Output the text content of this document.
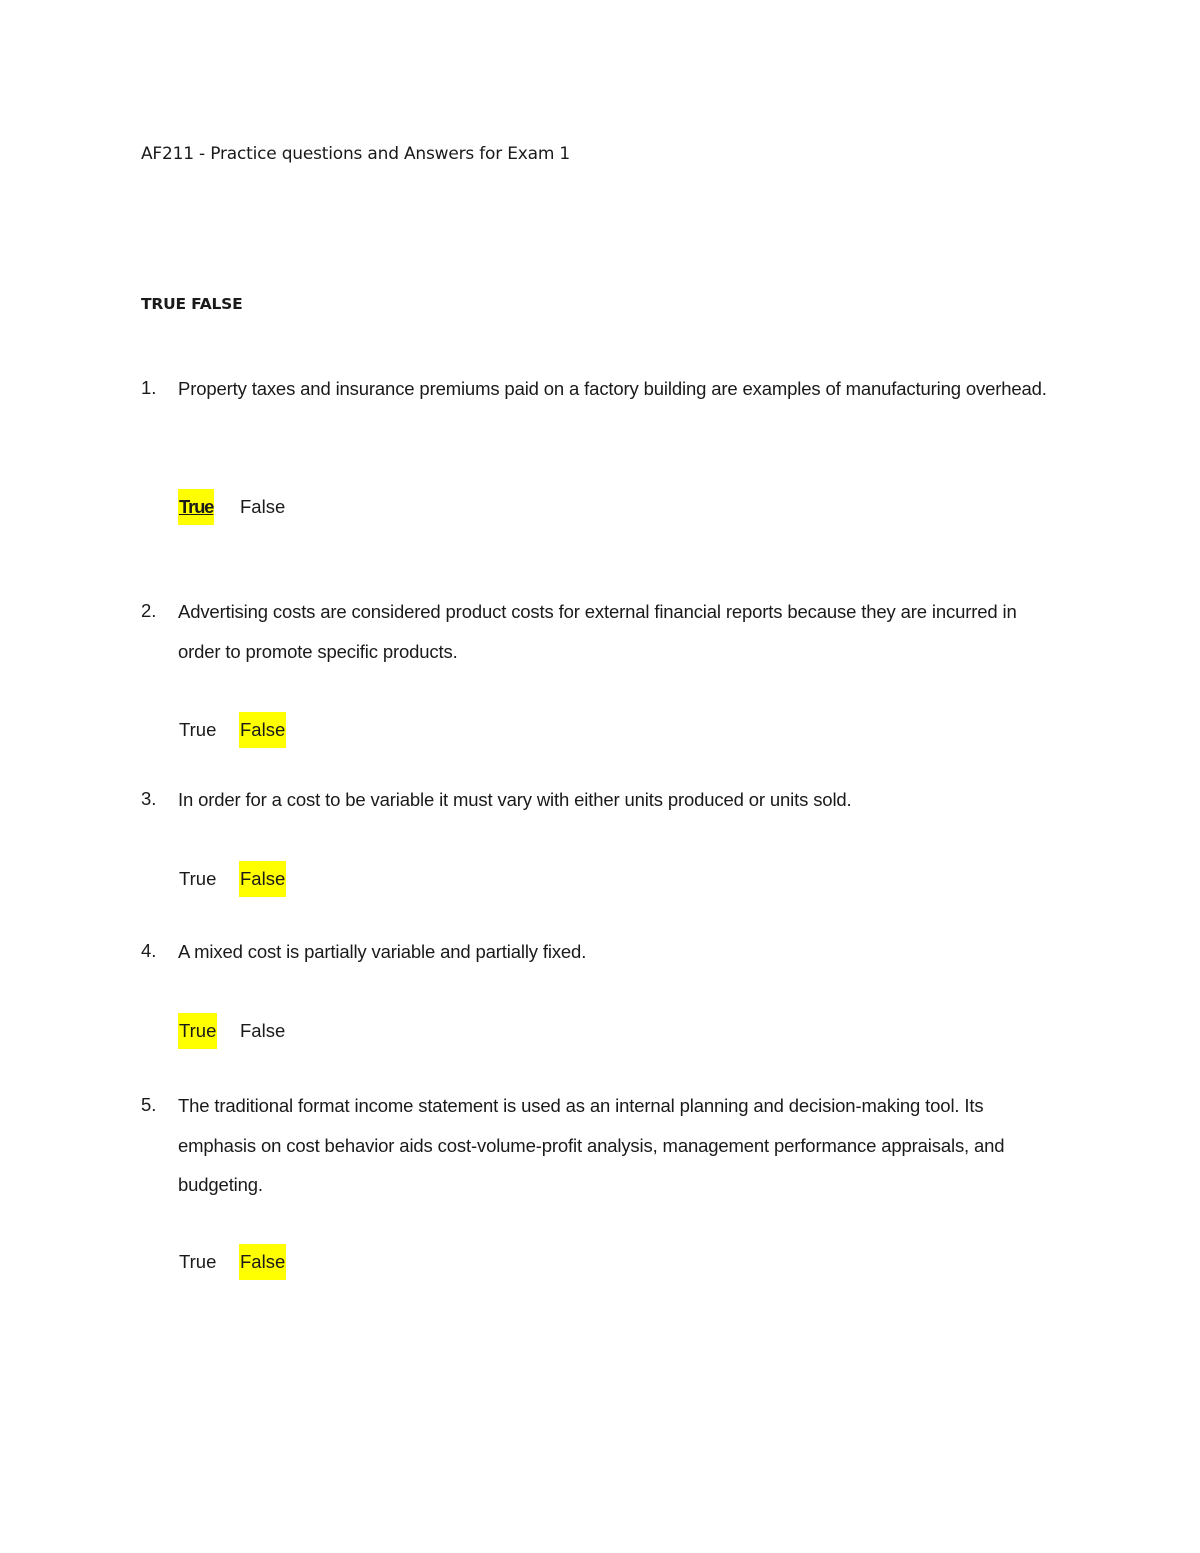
AF211 - Practice questions and Answers for Exam 1
TRUE FALSE
1. Property taxes and insurance premiums paid on a factory building are examples of manufacturing overhead.
True False
2. Advertising costs are considered product costs for external financial reports because they are incurred in order to promote specific products.
True False
3. In order for a cost to be variable it must vary with either units produced or units sold.
True False
4. A mixed cost is partially variable and partially fixed.
True False
5. The traditional format income statement is used as an internal planning and decision-making tool. Its emphasis on cost behavior aids cost-volume-profit analysis, management performance appraisals, and budgeting.
True False
